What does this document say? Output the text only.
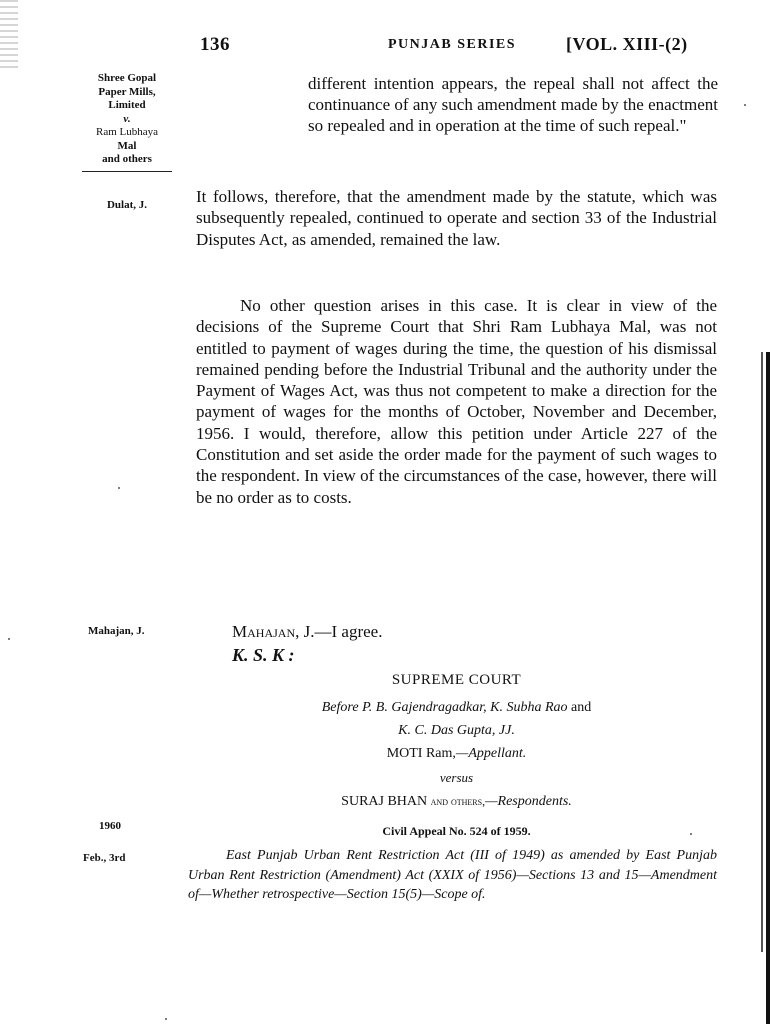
136	PUNJAB SERIES	[VOL. XIII-(2)
Shree Gopal
Paper Mills,
Limited
v.
Ram Lubhaya
Mal
and others
Dulat, J.
different intention appears, the repeal shall not affect the continuance of any such amendment made by the enactment so repealed and in operation at the time of such repeal."

It follows, therefore, that the amendment made by the statute, which was subsequently repealed, continued to operate and section 33 of the Industrial Disputes Act, as amended, remained the law.

No other question arises in this case. It is clear in view of the decisions of the Supreme Court that Shri Ram Lubhaya Mal, was not entitled to payment of wages during the time, the question of his dismissal remained pending before the Industrial Tribunal and the authority under the Payment of Wages Act, was thus not competent to make a direction for the payment of wages for the months of October, November and December, 1956. I would, therefore, allow this petition under Article 227 of the Constitution and set aside the order made for the payment of such wages to the respondent. In view of the circumstances of the case, however, there will be no order as to costs.

Mahajan, J.	Mahajan, J.—I agree.
K. S. K :
SUPREME COURT
Before P. B. Gajendragadkar, K. Subha Rao and
K. C. Das Gupta, JJ.
MOTI Ram,—Appellant.
versus
SURAJ BHAN and others,—Respondents.
1960
Feb., 3rd
Civil Appeal No. 524 of 1959.

East Punjab Urban Rent Restriction Act (III of 1949) as amended by East Punjab Urban Rent Restriction (Amendment) Act (XXIX of 1956)—Sections 13 and 15—Amendment of—Whether retrospective—Section 15(5)—Scope of.
